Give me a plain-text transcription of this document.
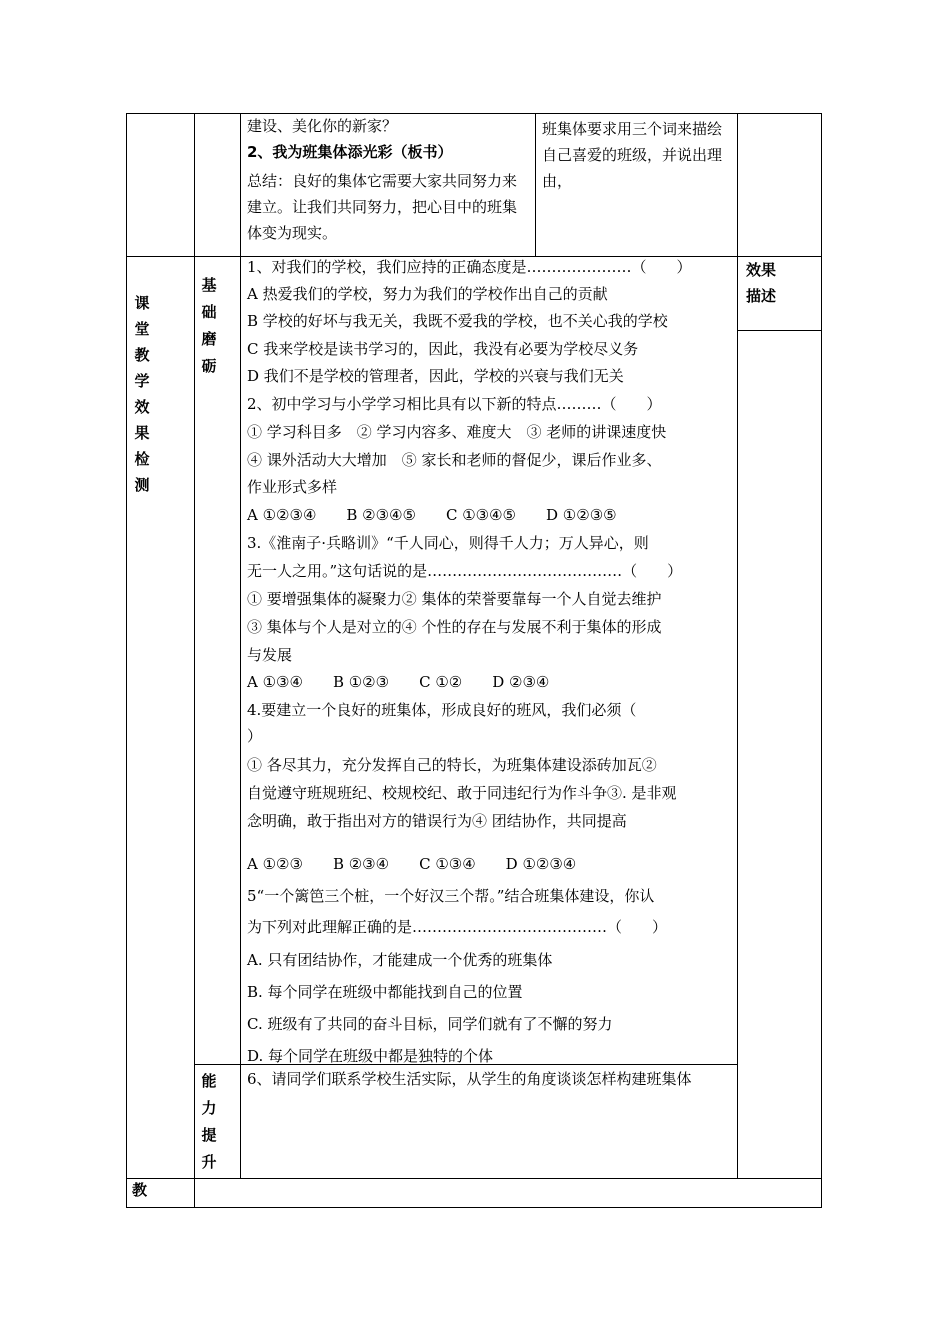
建设、美化你的新家？
2、我为班集体添光彩（板书）
总结：良好的集体它需要大家共同努力来建立。让我们共同努力，把心目中的班集体变为现实。
班集体要求用三个词来描绘自己喜爱的班级，并说出理由，
课堂教学效果检测
基础磨砺
能力提升
效果描述
教
1、对我们的学校，我们应持的正确态度是…………………（　　）
A 热爱我们的学校，努力为我们的学校作出自己的贡献
B 学校的好坏与我无关，我既不爱我的学校，也不关心我的学校
C 我来学校是读书学习的，因此，我没有必要为学校尽义务
D 我们不是学校的管理者，因此，学校的兴衰与我们无关
2、初中学习与小学学习相比具有以下新的特点………（　　）
① 学习科目多　② 学习内容多、难度大　③ 老师的讲课速度快
④ 课外活动大大增加　⑤ 家长和老师的督促少，课后作业多、
作业形式多样
A ①②③④　　B ②③④⑤　　C ①③④⑤　　D ①②③⑤
3.《淮南子·兵略训》“千人同心，则得千人力；万人异心，则
无一人之用。”这句话说的是…………………………………（　　）
① 要增强集体的凝聚力② 集体的荣誉要靠每一个人自觉去维护
③ 集体与个人是对立的④ 个性的存在与发展不利于集体的形成
与发展
A ①③④　　B ①②③　　C ①②　　D ②③④
4.要建立一个良好的班集体，形成良好的班风，我们必须（
）
① 各尽其力，充分发挥自己的特长，为班集体建设添砖加瓦②
自觉遵守班规班纪、校规校纪、敢于同违纪行为作斗争③. 是非观
念明确，敢于指出对方的错误行为④ 团结协作，共同提高
A ①②③　　B ②③④　　C ①③④　　D ①②③④
5“一个篱笆三个桩，一个好汉三个帮。”结合班集体建设，你认
为下列对此理解正确的是…………………………………（　　）
A. 只有团结协作，才能建成一个优秀的班集体
B. 每个同学在班级中都能找到自己的位置
C. 班级有了共同的奋斗目标，同学们就有了不懈的努力
D. 每个同学在班级中都是独特的个体
6、请同学们联系学校生活实际，从学生的角度谈谈怎样构建班集体
